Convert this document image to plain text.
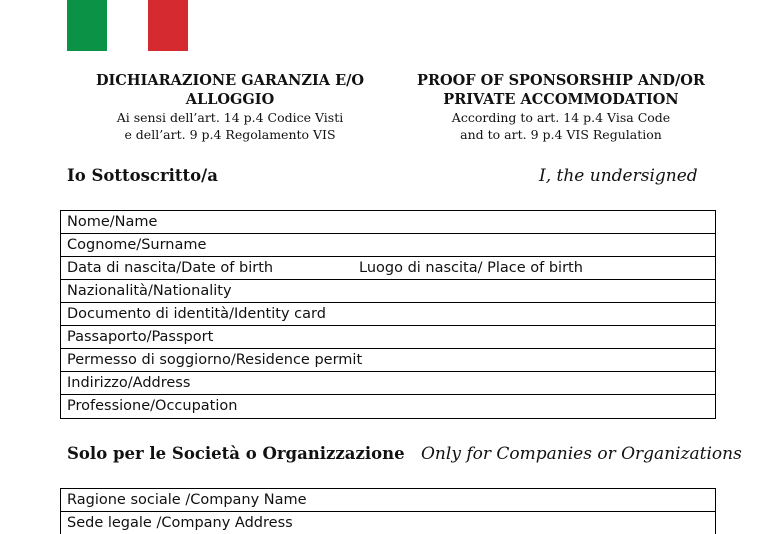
DICHIARAZIONE GARANZIA E/O
ALLOGGIO
Ai sensi dell’art. 14 p.4 Codice Visti
e dell’art. 9 p.4 Regolamento VIS
PROOF OF SPONSORSHIP AND/OR
PRIVATE ACCOMMODATION
According to art. 14 p.4 Visa Code
and to art. 9 p.4 VIS Regulation
Io Sottoscritto/a	I, the undersigned
Nome/Name
Cognome/Surname
Data di nascita/Date of birth	Luogo di nascita/ Place of birth
Nazionalità/Nationality
Documento di identità/Identity card
Passaporto/Passport
Permesso di soggiorno/Residence permit
Indirizzo/Address
Professione/Occupation
Solo per le Società o Organizzazione Only for Companies or Organizations
Ragione sociale /Company Name
Sede legale /Company Address
